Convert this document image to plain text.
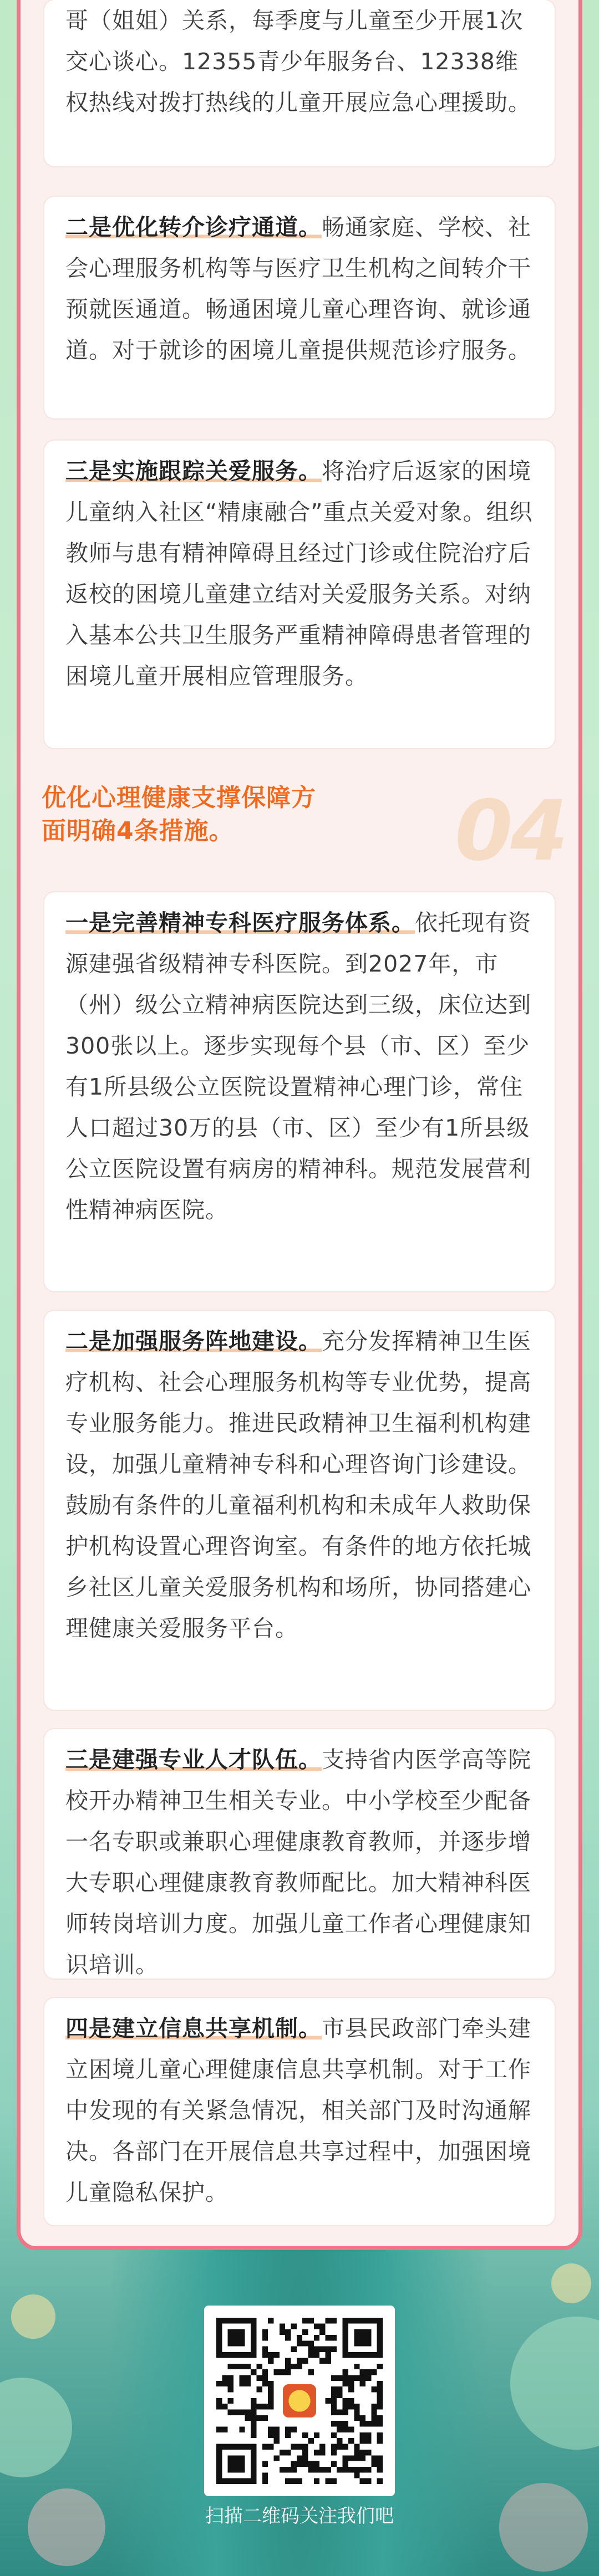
哥（姐姐）关系，每季度与儿童至少开展1次交心谈心。12355青少年服务台、12338维权热线对拨打热线的儿童开展应急心理援助。

二是优化转介诊疗通道。畅通家庭、学校、社会心理服务机构等与医疗卫生机构之间转介干预就医通道。畅通困境儿童心理咨询、就诊通道。对于就诊的困境儿童提供规范诊疗服务。

三是实施跟踪关爱服务。将治疗后返家的困境儿童纳入社区“精康融合”重点关爱对象。组织教师与患有精神障碍且经过门诊或住院治疗后返校的困境儿童建立结对关爱服务关系。对纳入基本公共卫生服务严重精神障碍患者管理的困境儿童开展相应管理服务。

04
优化心理健康支撑保障方
面明确4条措施。

一是完善精神专科医疗服务体系。依托现有资源建强省级精神专科医院。到2027年，市（州）级公立精神病医院达到三级，床位达到300张以上。逐步实现每个县（市、区）至少有1所县级公立医院设置精神心理门诊，常住人口超过30万的县（市、区）至少有1所县级公立医院设置有病房的精神科。规范发展营利性精神病医院。

二是加强服务阵地建设。充分发挥精神卫生医疗机构、社会心理服务机构等专业优势，提高专业服务能力。推进民政精神卫生福利机构建设，加强儿童精神专科和心理咨询门诊建设。鼓励有条件的儿童福利机构和未成年人救助保护机构设置心理咨询室。有条件的地方依托城乡社区儿童关爱服务机构和场所，协同搭建心理健康关爱服务平台。

三是建强专业人才队伍。支持省内医学高等院校开办精神卫生相关专业。中小学校至少配备一名专职或兼职心理健康教育教师，并逐步增大专职心理健康教育教师配比。加大精神科医师转岗培训力度。加强儿童工作者心理健康知识培训。

四是建立信息共享机制。市县民政部门牵头建立困境儿童心理健康信息共享机制。对于工作中发现的有关紧急情况，相关部门及时沟通解决。各部门在开展信息共享过程中，加强困境儿童隐私保护。

扫描二维码关注我们吧
